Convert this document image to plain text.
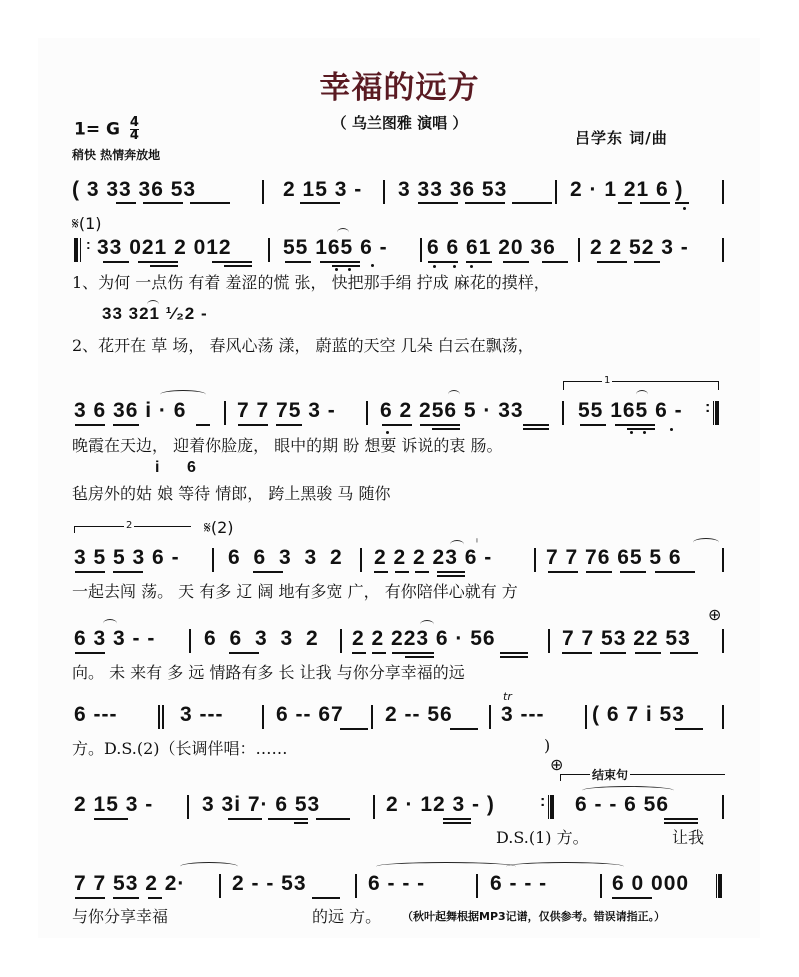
幸福的远方
（ 乌兰图雅 演唱 ）
1= G $\frac{4}{4}$
稍快 热情奔放地
吕学东 词/曲
( 3 33 36 53	2 15 3 - 3 33 36 53	2 · 1 21 6 )
𝄋(1)
: 33 021 2 012 55 165 6 - 6 6 61 20 36 2 2 52 3 -
1、为何 一点伤 有着 羞涩的慌 张， 快把那手绢 拧成 麻花的摸样，
33 321 ¹⁄₂2 -
2、花开在 草 场， 春风心荡 漾， 蔚蓝的天空 几朵 白云在飘荡，
1
3 6 36 i · 6 7 7 75 3 - 6 2 256 5 · 33	55 165 6 - :
晚霞在天边， 迎着你脸庞， 眼中的期 盼 想要 诉说的衷 肠。
i 6
毡房外的姑 娘 等待 情郎， 跨上黑骏 马 随你
2	𝄋(2)
3 5 5 3 6 - 6 6 3 3 2 2 2 2 23 6 -
ⁱ
7 7 76 65 5 6
一起去闯 荡。 天 有多 辽 阔 地有多宽 广， 有你陪伴心就有 方
⊕
6 3 3 - - 6 6 3 3 2 2 2 223 6 · 56	7 7 53 22 53
向。 未 来有 多 远 情路有多 长 让我 与你分享幸福的远
6 ---	3 ---	6 -- 67 2 -- 56
tr
3 --- ( 6 7 i 53
方。D.S.(2)（长调伴唱：……	)
⊕
结束句
2 15 3 - 3 3i 7· 6 53	2 · 12 3 - )	: 6 - - 6 56
D.S.(1) 方。	让我
7 7 53 2 2· 2 - - 53	6 - - -	6 - - -	6 0 000
与你分享幸福	的远 方。 （秋叶起舞根据MP3记谱，仅供参考。错误请指正。）
